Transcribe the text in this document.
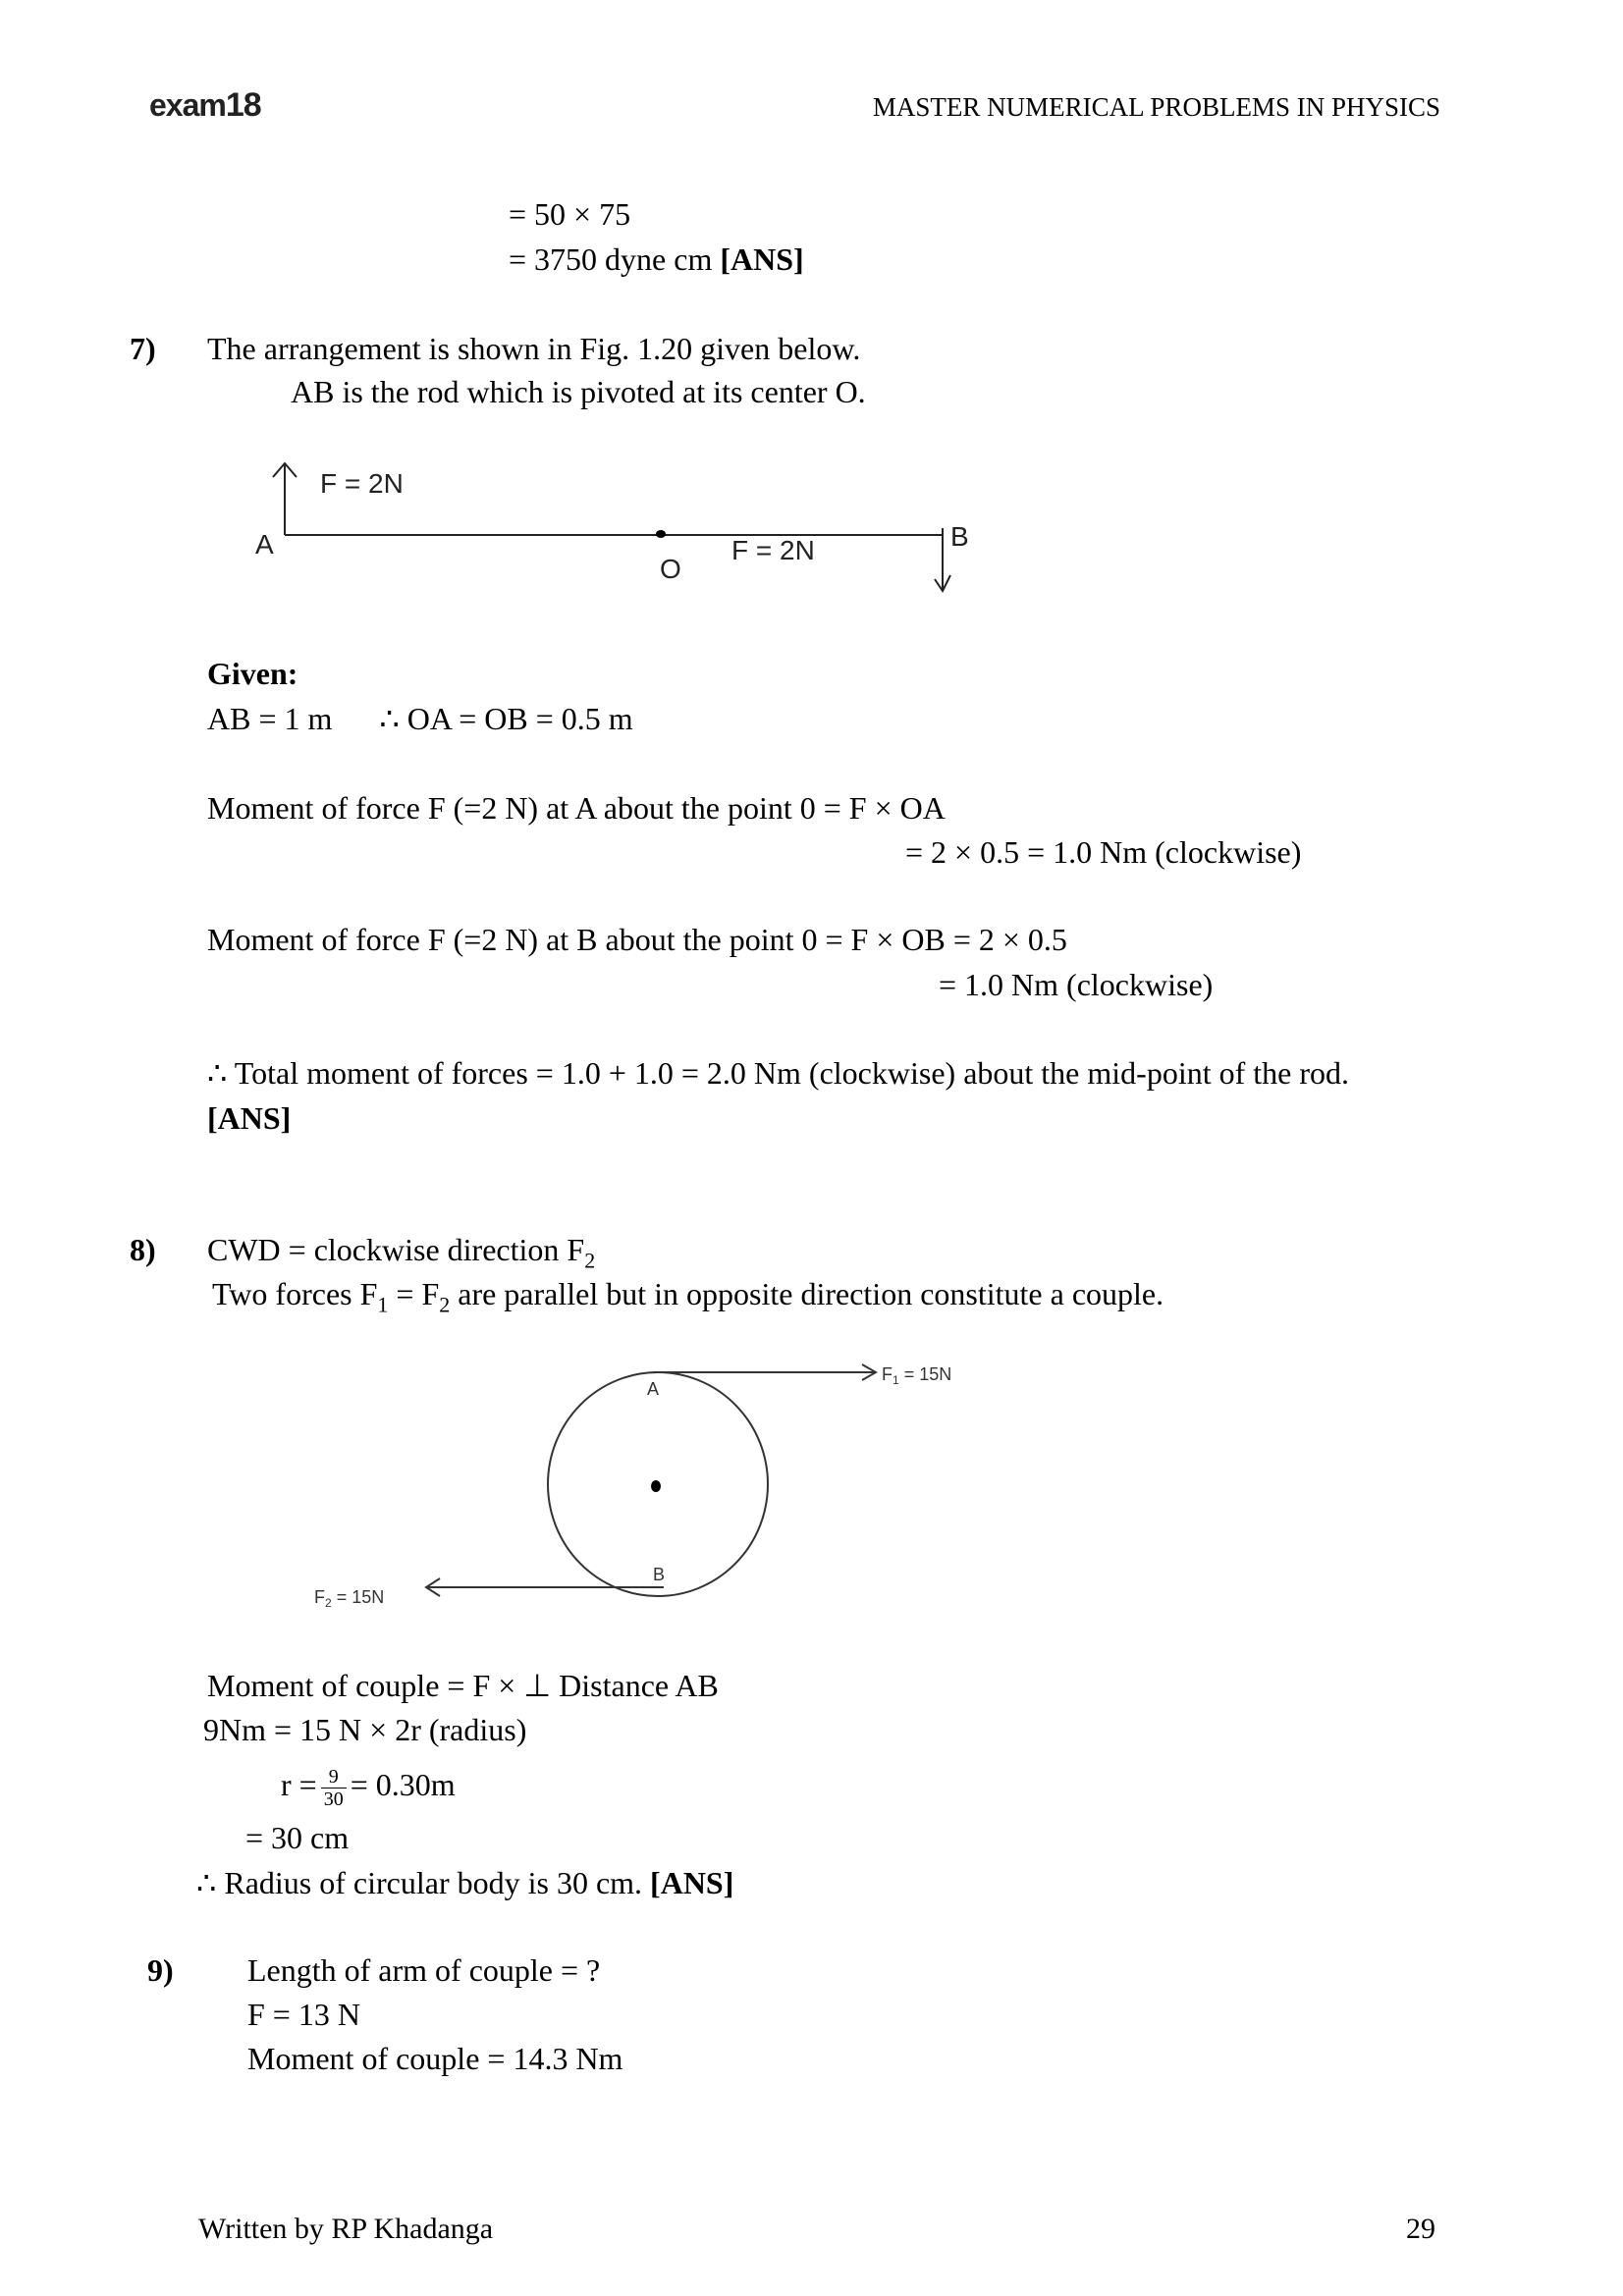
exam18	MASTER NUMERICAL PROBLEMS IN PHYSICS
= 50 × 75
= 3750 dyne cm [ANS]
7) The arrangement is shown in Fig. 1.20 given below.
AB is the rod which is pivoted at its center O.
A
F = 2N
O
F = 2N	B
Given:
AB = 1 m      ∴ OA = OB = 0.5 m
Moment of force F (=2 N) at A about the point 0 = F × OA
= 2 × 0.5 = 1.0 Nm (clockwise)
Moment of force F (=2 N) at B about the point 0 = F × OB = 2 × 0.5
= 1.0 Nm (clockwise)
∴ Total moment of forces = 1.0 + 1.0 = 2.0 Nm (clockwise) about the mid-point of the rod.
[ANS]
8) CWD = clockwise direction $F_2$
Two forces $F_1 = F_2$ are parallel but in opposite direction constitute a couple.
A
B
$F_1 = 15N$
$F_2 = 15N$
Moment of couple = F × ⊥ Distance AB
9Nm = 15 N × 2r (radius)
$r = \frac{9}{30} = 0.30m$
= 30 cm
∴ Radius of circular body is 30 cm. [ANS]
9) Length of arm of couple = ?
F = 13 N
Moment of couple = 14.3 Nm
Written by RP Khadanga	29
